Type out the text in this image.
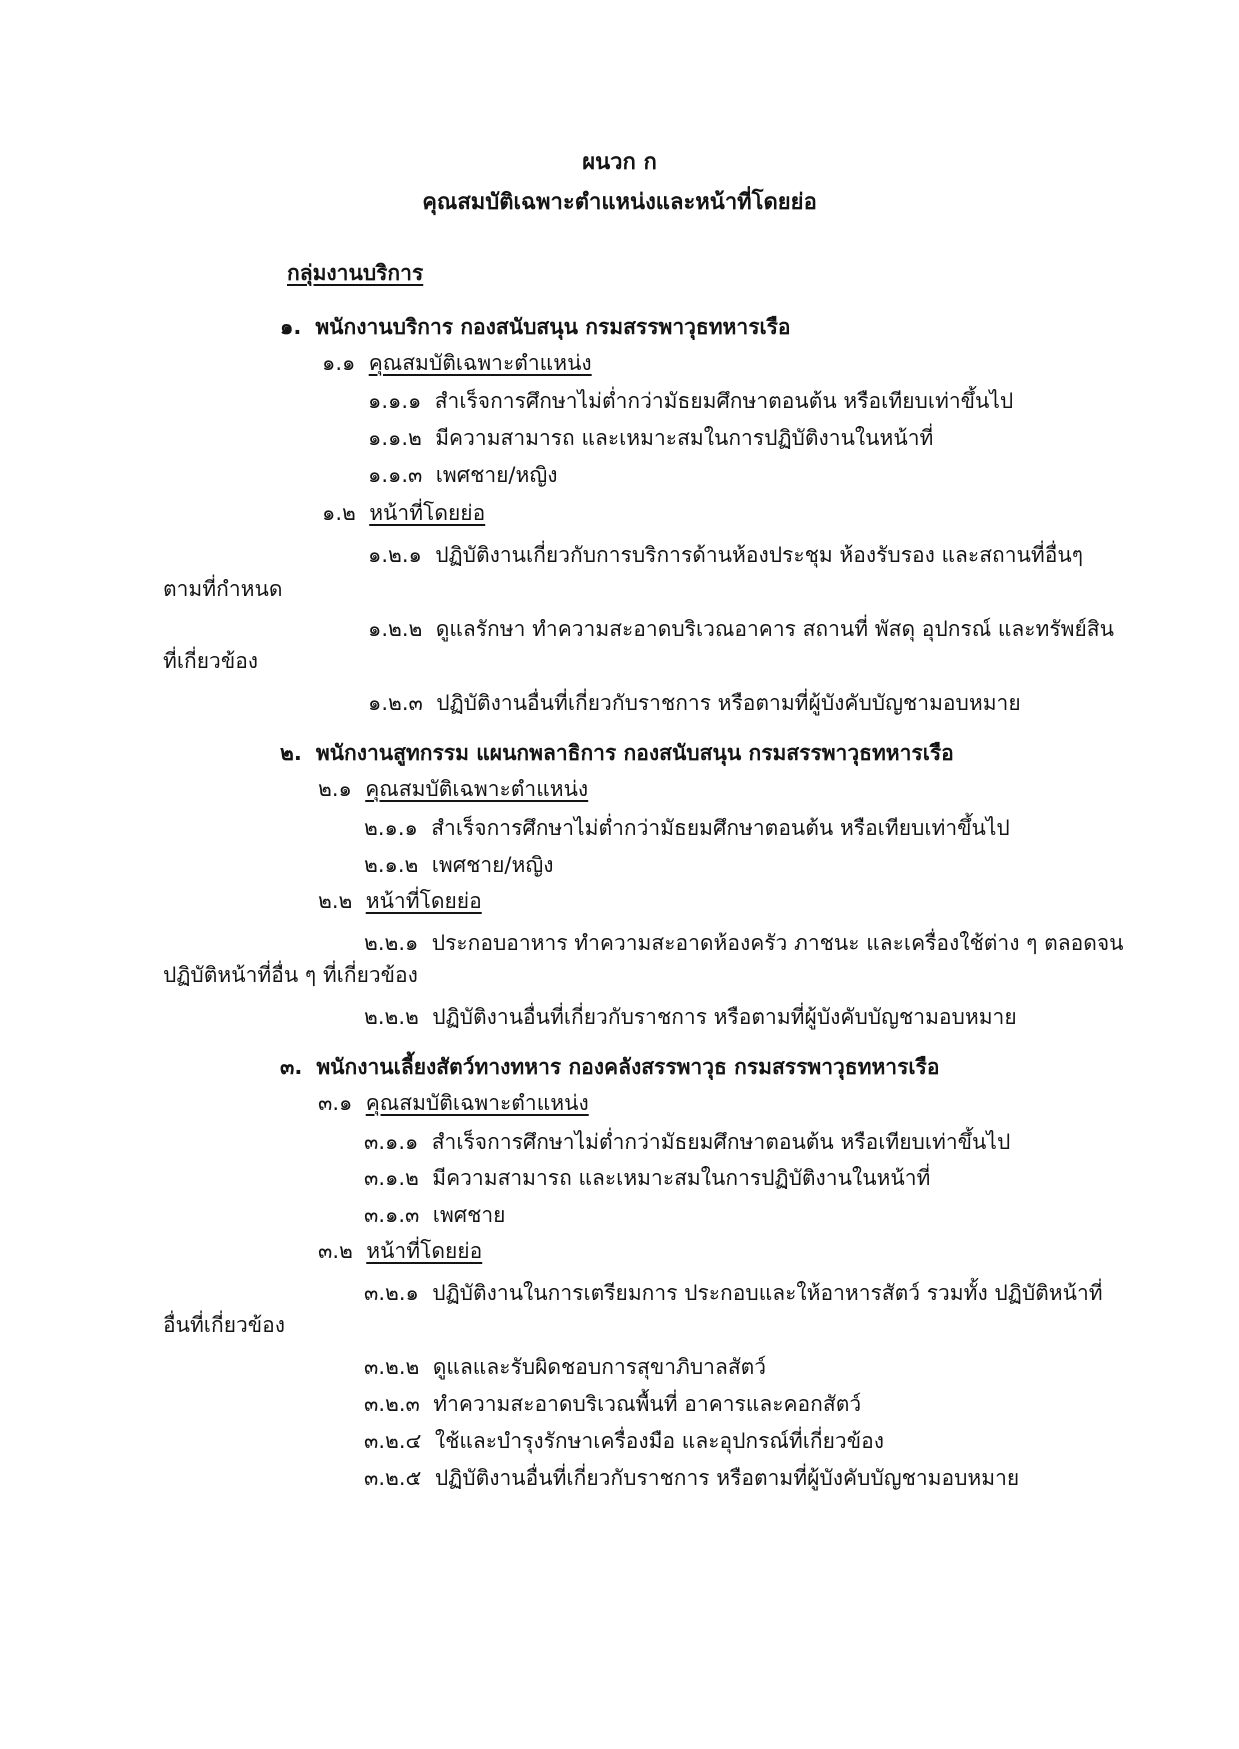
ผนวก ก
คุณสมบัติเฉพาะตำแหน่งและหน้าที่โดยย่อ
กลุ่มงานบริการ
๑. พนักงานบริการ กองสนับสนุน กรมสรรพาวุธทหารเรือ
๑.๑ คุณสมบัติเฉพาะตำแหน่ง
๑.๑.๑ สำเร็จการศึกษาไม่ต่ำกว่ามัธยมศึกษาตอนต้น หรือเทียบเท่าขึ้นไป
๑.๑.๒ มีความสามารถ และเหมาะสมในการปฏิบัติงานในหน้าที่
๑.๑.๓ เพศชาย/หญิง
๑.๒ หน้าที่โดยย่อ
๑.๒.๑ ปฏิบัติงานเกี่ยวกับการบริการด้านห้องประชุม ห้องรับรอง และสถานที่อื่นๆ
ตามที่กำหนด
๑.๒.๒ ดูแลรักษา ทำความสะอาดบริเวณอาคาร สถานที่ พัสดุ อุปกรณ์ และทรัพย์สิน
ที่เกี่ยวข้อง
๑.๒.๓ ปฏิบัติงานอื่นที่เกี่ยวกับราชการ หรือตามที่ผู้บังคับบัญชามอบหมาย
๒. พนักงานสูทกรรม แผนกพลาธิการ กองสนับสนุน กรมสรรพาวุธทหารเรือ
๒.๑ คุณสมบัติเฉพาะตำแหน่ง
๒.๑.๑ สำเร็จการศึกษาไม่ต่ำกว่ามัธยมศึกษาตอนต้น หรือเทียบเท่าขึ้นไป
๒.๑.๒ เพศชาย/หญิง
๒.๒ หน้าที่โดยย่อ
๒.๒.๑ ประกอบอาหาร ทำความสะอาดห้องครัว ภาชนะ และเครื่องใช้ต่าง ๆ ตลอดจน
ปฏิบัติหน้าที่อื่น ๆ ที่เกี่ยวข้อง
๒.๒.๒ ปฏิบัติงานอื่นที่เกี่ยวกับราชการ หรือตามที่ผู้บังคับบัญชามอบหมาย
๓. พนักงานเลี้ยงสัตว์ทางทหาร กองคลังสรรพาวุธ กรมสรรพาวุธทหารเรือ
๓.๑ คุณสมบัติเฉพาะตำแหน่ง
๓.๑.๑ สำเร็จการศึกษาไม่ต่ำกว่ามัธยมศึกษาตอนต้น หรือเทียบเท่าขึ้นไป
๓.๑.๒ มีความสามารถ และเหมาะสมในการปฏิบัติงานในหน้าที่
๓.๑.๓ เพศชาย
๓.๒ หน้าที่โดยย่อ
๓.๒.๑ ปฏิบัติงานในการเตรียมการ ประกอบและให้อาหารสัตว์ รวมทั้ง ปฏิบัติหน้าที่
อื่นที่เกี่ยวข้อง
๓.๒.๒ ดูแลและรับผิดชอบการสุขาภิบาลสัตว์
๓.๒.๓ ทำความสะอาดบริเวณพื้นที่ อาคารและคอกสัตว์
๓.๒.๔ ใช้และบำรุงรักษาเครื่องมือ และอุปกรณ์ที่เกี่ยวข้อง
๓.๒.๕ ปฏิบัติงานอื่นที่เกี่ยวกับราชการ หรือตามที่ผู้บังคับบัญชามอบหมาย
